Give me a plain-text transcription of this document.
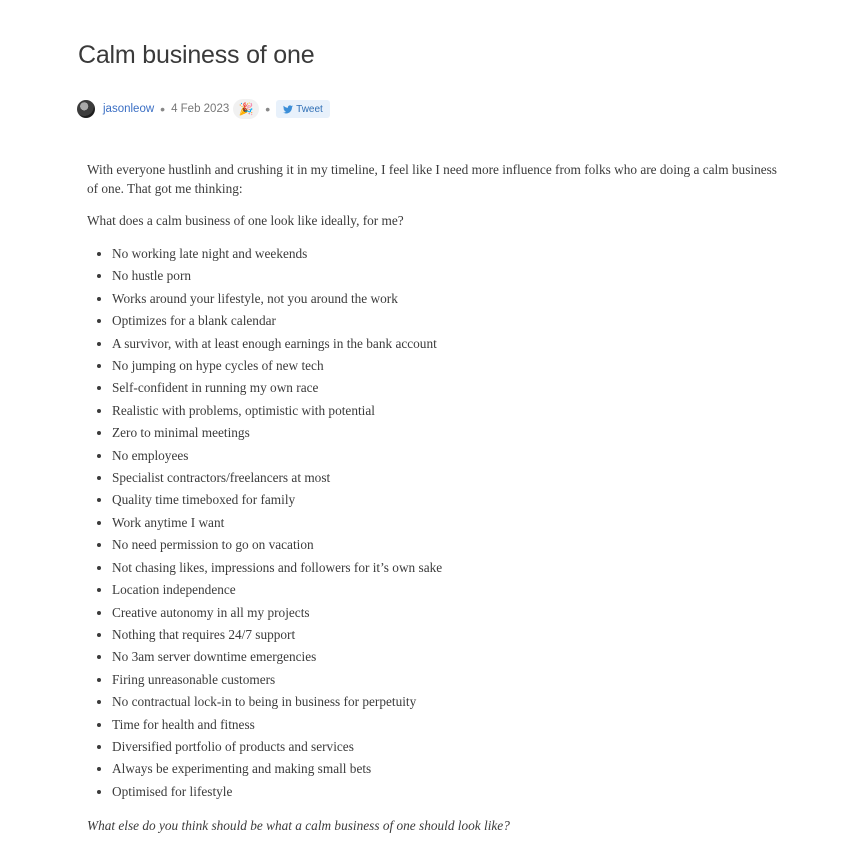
Calm business of one
jasonleow • 4 Feb 2023 🎉 •	Tweet

With everyone hustlinh and crushing it in my timeline, I feel like I need more influence from folks who are doing a calm business of one. That got me thinking:

What does a calm business of one look like ideally, for me?

• No working late night and weekends
• No hustle porn
• Works around your lifestyle, not you around the work
• Optimizes for a blank calendar
• A survivor, with at least enough earnings in the bank account
• No jumping on hype cycles of new tech
• Self-confident in running my own race
• Realistic with problems, optimistic with potential
• Zero to minimal meetings
• No employees
• Specialist contractors/freelancers at most
• Quality time timeboxed for family
• Work anytime I want
• No need permission to go on vacation
• Not chasing likes, impressions and followers for it’s own sake
• Location independence
• Creative autonomy in all my projects
• Nothing that requires 24/7 support
• No 3am server downtime emergencies
• Firing unreasonable customers
• No contractual lock-in to being in business for perpetuity
• Time for health and fitness
• Diversified portfolio of products and services
• Always be experimenting and making small bets
• Optimised for lifestyle

What else do you think should be what a calm business of one should look like?
